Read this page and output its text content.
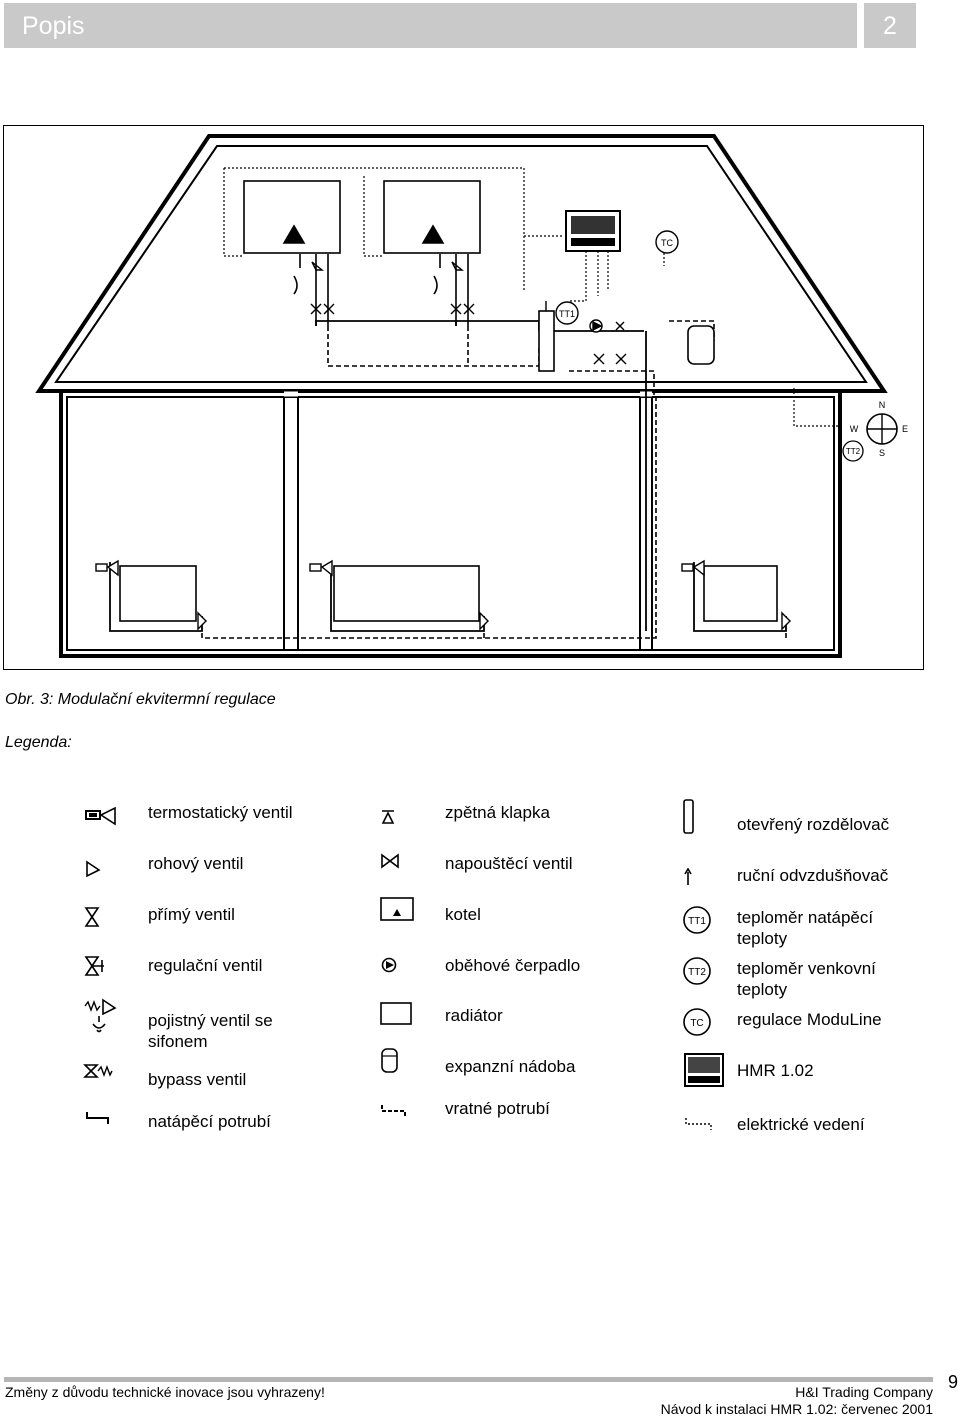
Popis	2
TT1
TC
N
S
E
W
TT2
Obr. 3: Modulační ekvitermní regulace
Legenda:
termostatický ventil
rohový ventil
přímý ventil
regulační ventil
pojistný ventil se sifonem
bypass ventil
natápěcí potrubí
zpětná klapka
napouštěcí ventil
kotel
oběhové čerpadlo
radiátor
expanzní nádoba
vratné potrubí
otevřený rozdělovač
ruční odvzdušňovač
TT1 teploměr natápěcí teploty
TT2 teploměr venkovní teploty
TC regulace ModuLine
HMR 1.02
elektrické vedení
Změny z důvodu technické inovace jsou vyhrazeny!	H&I Trading Company
Návod k instalaci HMR 1.02: červenec 2001
9
